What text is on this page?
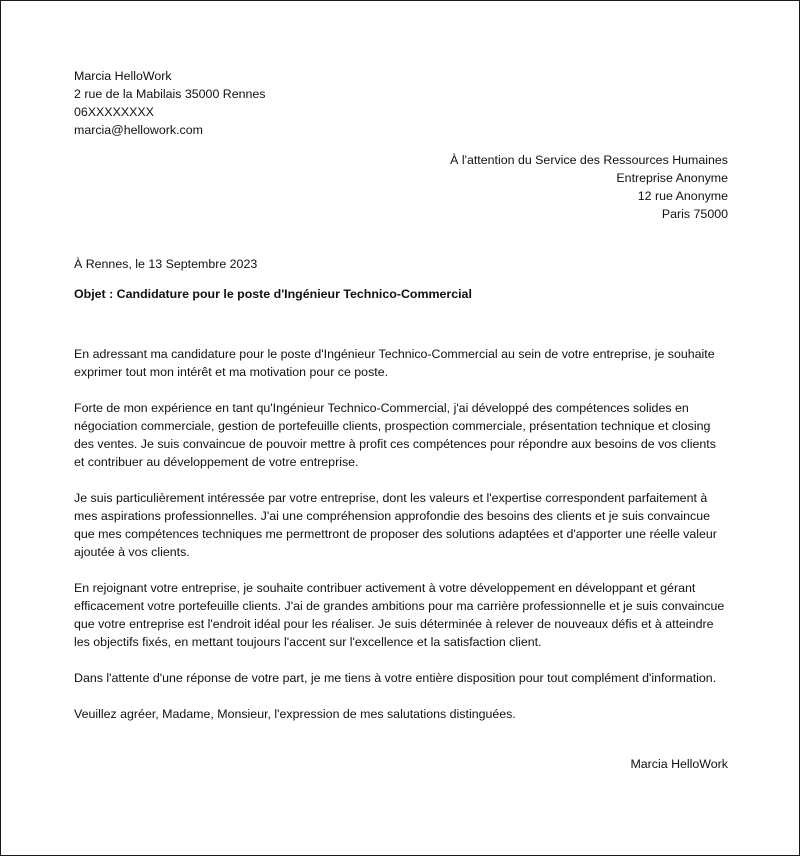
Marcia HelloWork

2 rue de la Mabilais 35000 Rennes

06XXXXXXXX

marcia@hellowork.com

À l'attention du Service des Ressources Humaines

Entreprise Anonyme

12 rue Anonyme

Paris 75000

À Rennes, le 13 Septembre 2023

Objet : Candidature pour le poste d'Ingénieur Technico-Commercial

En adressant ma candidature pour le poste d'Ingénieur Technico-Commercial au sein de votre entreprise, je souhaite exprimer tout mon intérêt et ma motivation pour ce poste.

Forte de mon expérience en tant qu'Ingénieur Technico-Commercial, j'ai développé des compétences solides en négociation commerciale, gestion de portefeuille clients, prospection commerciale, présentation technique et closing des ventes. Je suis convaincue de pouvoir mettre à profit ces compétences pour répondre aux besoins de vos clients et contribuer au développement de votre entreprise.

Je suis particulièrement intéressée par votre entreprise, dont les valeurs et l'expertise correspondent parfaitement à mes aspirations professionnelles. J'ai une compréhension approfondie des besoins des clients et je suis convaincue que mes compétences techniques me permettront de proposer des solutions adaptées et d'apporter une réelle valeur ajoutée à vos clients.

En rejoignant votre entreprise, je souhaite contribuer activement à votre développement en développant et gérant efficacement votre portefeuille clients. J'ai de grandes ambitions pour ma carrière professionnelle et je suis convaincue que votre entreprise est l'endroit idéal pour les réaliser. Je suis déterminée à relever de nouveaux défis et à atteindre les objectifs fixés, en mettant toujours l'accent sur l'excellence et la satisfaction client.

Dans l'attente d'une réponse de votre part, je me tiens à votre entière disposition pour tout complément d'information.

Veuillez agréer, Madame, Monsieur, l'expression de mes salutations distinguées.

Marcia HelloWork
